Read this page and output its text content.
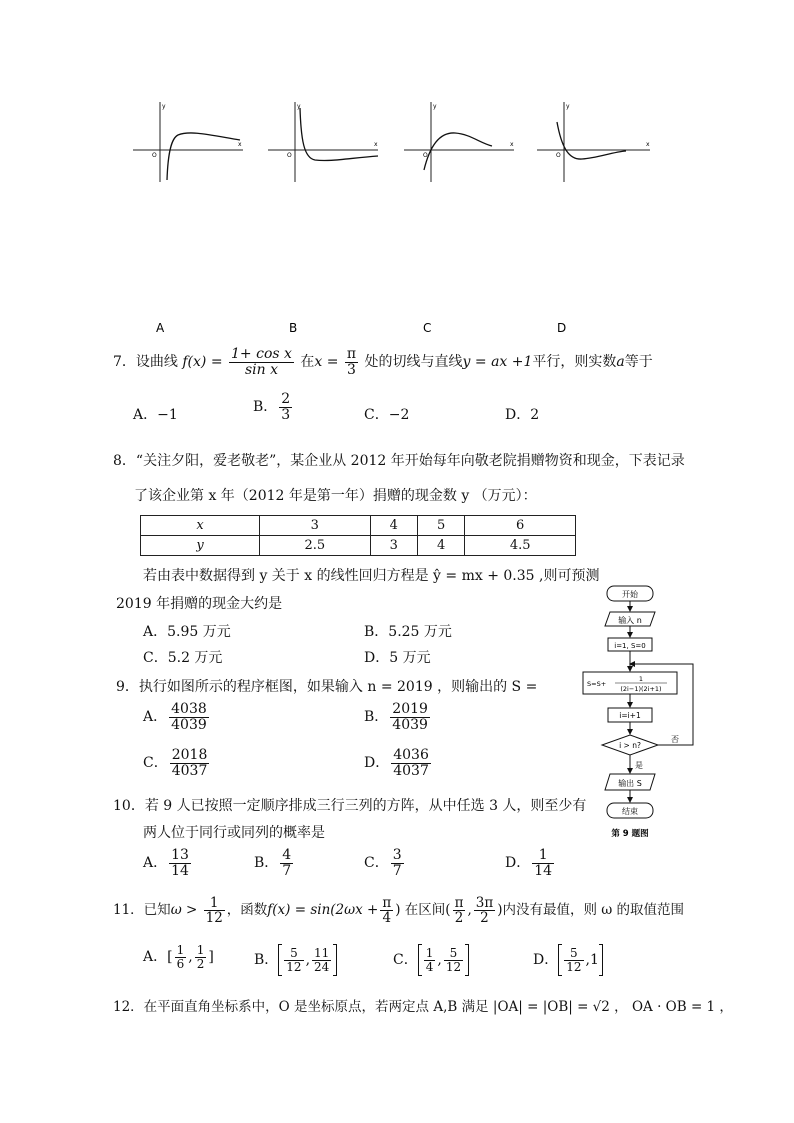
y
x
O
y
x
O
y
x
O
y
x
O
A	B	C	D
7．设曲线 $f(x) = \frac{\text{1+ cos x}}{\text{sin x}}$ 在$x = \frac{\pi}{3}$ 处的切线与直线y = ax +1平行，则实数a等于
A．−1	B． $\frac{2}{3}$	C．−2	D．2
8．“关注夕阳，爱老敬老”，某企业从 2012 年开始每年向敬老院捐赠物资和现金，下表记录
了该企业第 x 年（2012 年是第一年）捐赠的现金数 y （万元）：
x	3	4	5	6
y	2.5	3	4	4.5
若由表中数据得到 y 关于 x 的线性回归方程是 ŷ = mx + 0.35 ,则可预测
2019 年捐赠的现金大约是
A．5.95 万元	B．5.25 万元
C．5.2 万元	D．5 万元
9．执行如图所示的程序框图，如果输入 n = 2019 ，则输出的 S =
A． $\frac{4038}{4039}$	B． $\frac{2019}{4039}$
C． $\frac{2018}{4037}$	D． $\frac{4036}{4037}$
开始
输入 n
i=1, S=0
S=S+
1
(2i−1)(2i+1)
i=i+1
i > n?
否
是
输出 S
结束
第 9 题图
10．若 9 人已按照一定顺序排成三行三列的方阵，从中任选 3 人，则至少有
两人位于同行或同列的概率是
A． $\frac{13}{14}$	B． $\frac{4}{7}$	C． $\frac{3}{7}$	D． $\frac{1}{14}$
11．已知$\omega > \frac{1}{12}$ ，函数$f(x) = \sin(2\omega x + \frac{\pi}{4}$ ) 在区间( $\frac{\pi}{2}$ , $\frac{3\pi}{2}$ )内没有最值，则 ω 的取值范围
A．[ $\frac{1}{6}$ , $\frac{1}{2}$ ]	B． $\frac{5}{12}$ , $\frac{11}{24}$	C． $\frac{1}{4}$ , $\frac{5}{12}$	D． $\frac{5}{12} ,1$
12．在平面直角坐标系中，O 是坐标原点，若两定点 A,B 满足 |OA| = |OB| = √2 ， OA · OB = 1 ，
